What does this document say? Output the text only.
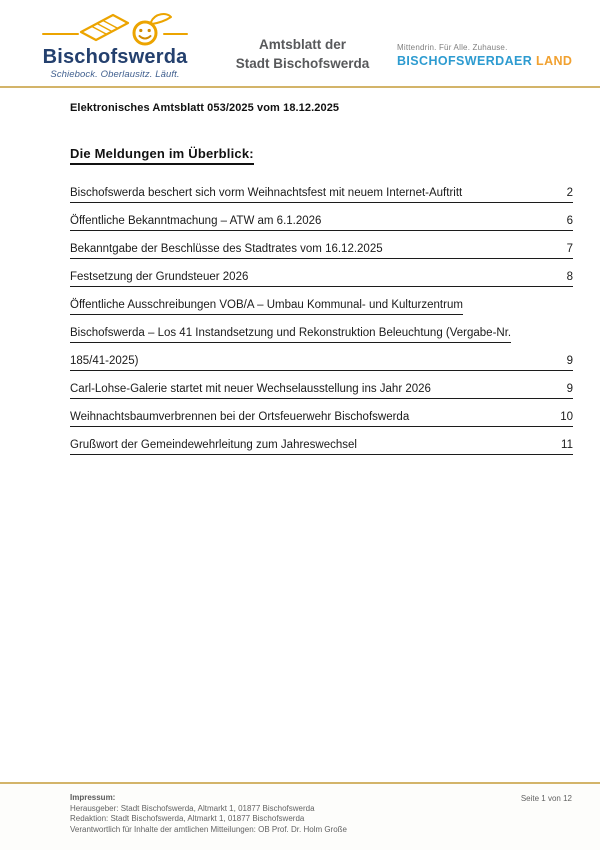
Bischofswerda
Schiebock. Oberlausitz. Läuft.
Amtsblatt der
Stadt Bischofswerda
Mittendrin. Für Alle. Zuhause.
BISCHOFSWERDAER LAND

Elektronisches Amtsblatt 053/2025 vom 18.12.2025

Die Meldungen im Überblick:
Bischofswerda beschert sich vorm Weihnachtsfest mit neuem Internet-Auftritt	2
Öffentliche Bekanntmachung – ATW am 6.1.2026	6
Bekanntgabe der Beschlüsse des Stadtrates vom 16.12.2025	7
Festsetzung der Grundsteuer 2026	8
Öffentliche Ausschreibungen VOB/A – Umbau Kommunal- und Kulturzentrum
Bischofswerda – Los 41 Instandsetzung und Rekonstruktion Beleuchtung (Vergabe-Nr.
185/41-2025)	9
Carl-Lohse-Galerie startet mit neuer Wechselausstellung ins Jahr 2026	9
Weihnachtsbaumverbrennen bei der Ortsfeuerwehr Bischofswerda	10
Grußwort der Gemeindewehrleitung zum Jahreswechsel	11
Impressum:
Herausgeber: Stadt Bischofswerda, Altmarkt 1, 01877 Bischofswerda
Redaktion: Stadt Bischofswerda, Altmarkt 1, 01877 Bischofswerda
Verantwortlich für Inhalte der amtlichen Mitteilungen: OB Prof. Dr. Holm Große
Seite 1 von 12
